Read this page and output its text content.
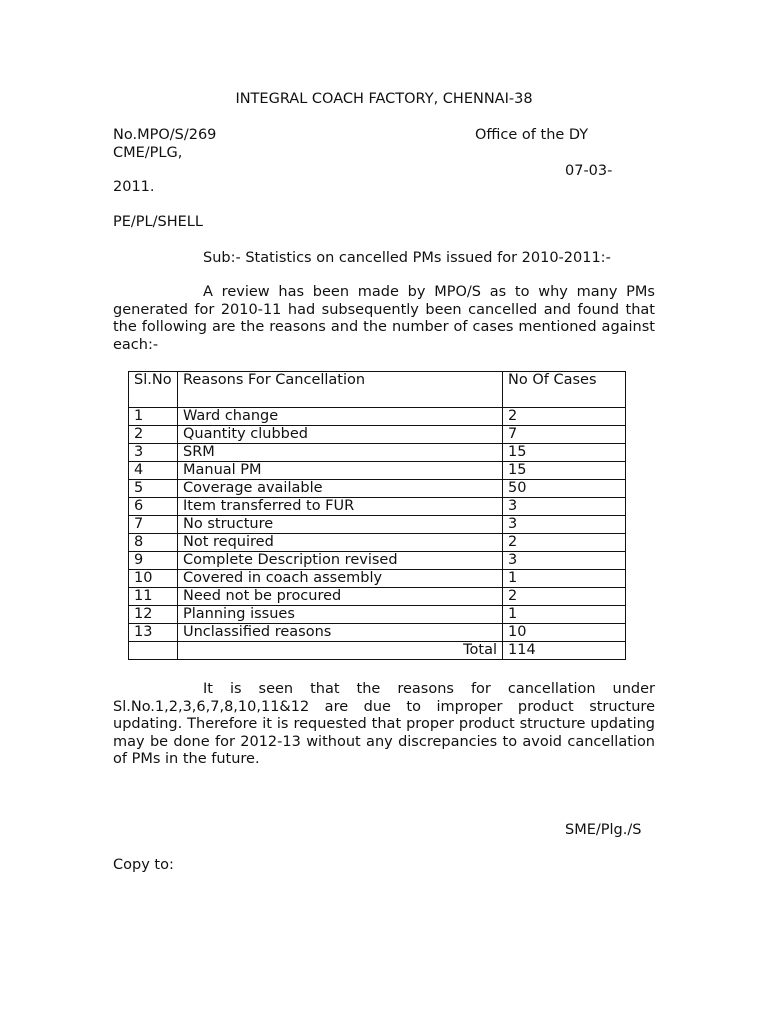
INTEGRAL COACH FACTORY, CHENNAI-38
No.MPO/S/269	Office of the DY
CME/PLG,
07-03-
2011.
PE/PL/SHELL
Sub:- Statistics on cancelled PMs issued for 2010-2011:-
A review has been made by MPO/S as to why many PMs generated for 2010-11 had subsequently been cancelled and found that the following are the reasons and the number of cases mentioned against each:-
Sl.No	Reasons For Cancellation	No Of Cases
1	Ward change	2
2	Quantity clubbed	7
3	SRM	15
4	Manual PM	15
5	Coverage available	50
6	Item transferred to FUR	3
7	No structure	3
8	Not required	2
9	Complete Description revised	3
10	Covered in coach assembly	1
11	Need not be procured	2
12	Planning issues	1
13	Unclassified reasons	10
	Total	114
It is seen that the reasons for cancellation under Sl.No.1,2,3,6,7,8,10,11&12 are due to improper product structure updating. Therefore it is requested that proper product structure updating may be done for 2012-13 without any discrepancies to avoid cancellation of PMs in the future.
SME/Plg./S
Copy to:
